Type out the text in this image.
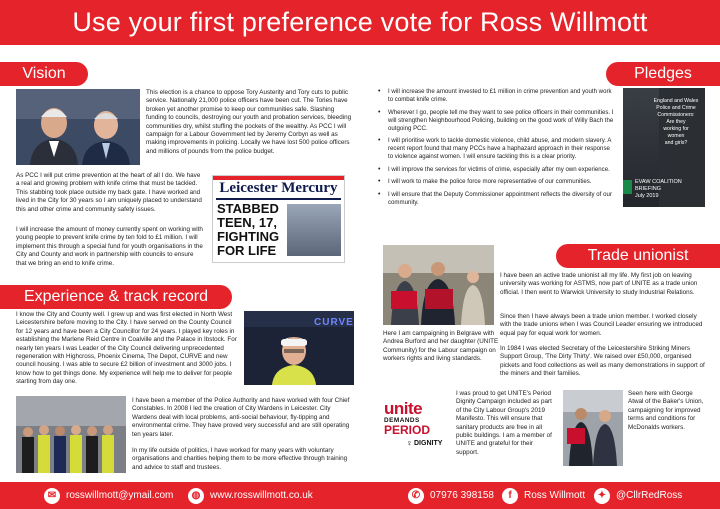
Use your first preference vote for Ross Willmott
Vision
This election is a chance to oppose Tory Austerity and Tory cuts to public service. Nationally 21,000 police officers have been cut. The Tories have broken yet another promise to keep our communities safe. Slashing funding to councils, destroying our youth and probation services, bleeding communities dry, whilst stuffing the pockets of the wealthy. As PCC I will campaign for a Labour Government led by Jeremy Corbyn as well as making improvements in policing. Locally we have lost 500 police officers and millions of pounds from the police budget.
As PCC I will put crime prevention at the heart of all I do. We have a real and growing problem with knife crime that must be tackled. This stabbing took place outside my back gate. I have worked and lived in the City for 30 years so I am uniquely placed to understand this and other crime and community safety issues.
I will increase the amount of money currently spent on working with young people to prevent knife crime by ten fold to £1 million. I will implement this through a special fund for youth organisations in the City and County and work in partnership with councils to ensure that we bring an end to knife crime.
Leicester Mercury
STABBED
TEEN, 17,
FIGHTING
FOR LIFE
Experience & track record
I know the City and County well. I grew up and was first elected in North West Leicestershire before moving to the City. I have served on the County Council for 12 years and have been a City Councillor for 24 years. I played key roles in establishing the Marlene Reid Centre in Coalville and the Palace in Ibstock. For nearly ten years I was Leader of the City Council delivering unprecedented regeneration with Highcross, Phoenix Cinema, The Depot, CURVE and new council housing. I was able to secure £2 billion of investment and 3000 jobs. I know how to get things done. My experience will help me to deliver for people starting from day one.
CURVE
I have been a member of the Police Authority and have worked with four Chief Constables. In 2008 I led the creation of City Wardens in Leicester. City Wardens deal with local problems, anti-social behaviour, fly-tipping and environmental crime. They have proved very successful and are still operating ten years later.
In my life outside of politics, I have worked for many years with voluntary organisations and charities helping them to be more effective through training and advice to staff and trustees.
Pledges
• I will increase the amount invested to £1 million in crime prevention and youth work to combat knife crime.
• Wherever I go, people tell me they want to see police officers in their communities. I will strengthen Neighbourhood Policing, building on the good work of Willy Bach the outgoing PCC.
• I will prioritise work to tackle domestic violence, child abuse, and modern slavery. A recent report found that many PCCs have a haphazard approach in their response to violence against women. I will ensure tackling this is a clear priority.
• I will improve the services for victims of crime, especially after my own experience.
• I will work to make the police force more representative of our communities.
• I will ensure that the Deputy Commissioner appointment reflects the diversity of our community.
England and Wales
Police and Crime
Commissioners:
Are they
working for
women
and girls?
EVAW COALITION
BRIEFING
July 2019
Trade unionist
Here I am campaigning in Belgrave with Andrea Burford and her daughter (UNITE Community) for the Labour campaign on workers rights and living standards.
I have been an active trade unionist all my life. My first job on leaving university was working for ASTMS, now part of UNITE as a trade union official. I then went to Warwick University to study Industrial Relations.
Since then I have always been a trade union member. I worked closely with the trade unions when I was Council Leader ensuring we introduced equal pay for equal work for women.
In 1984 I was elected Secretary of the Leicestershire Striking Miners Support Group, 'The Dirty Thirty'. We raised over £50,000, organised pickets and food collections as well as many demonstrations in support of the miners and their families.
unite
DEMANDS
PERIOD
DIGNITY
♀
I was proud to get UNITE's Period Dignity Campaign included as part of the City Labour Group's 2019 Manifesto. This will ensure that sanitary products are free in all public buildings. I am a member of UNITE and grateful for their support.
Seen here with George Atwal of the Baker's Union, campaigning for improved terms and conditions for McDonalds workers.
✉ rosswillmott@ymail.com	◍ www.rosswillmott.co.uk	✆ 07976 398158	f	Ross Willmott	✦ @CllrRedRoss
